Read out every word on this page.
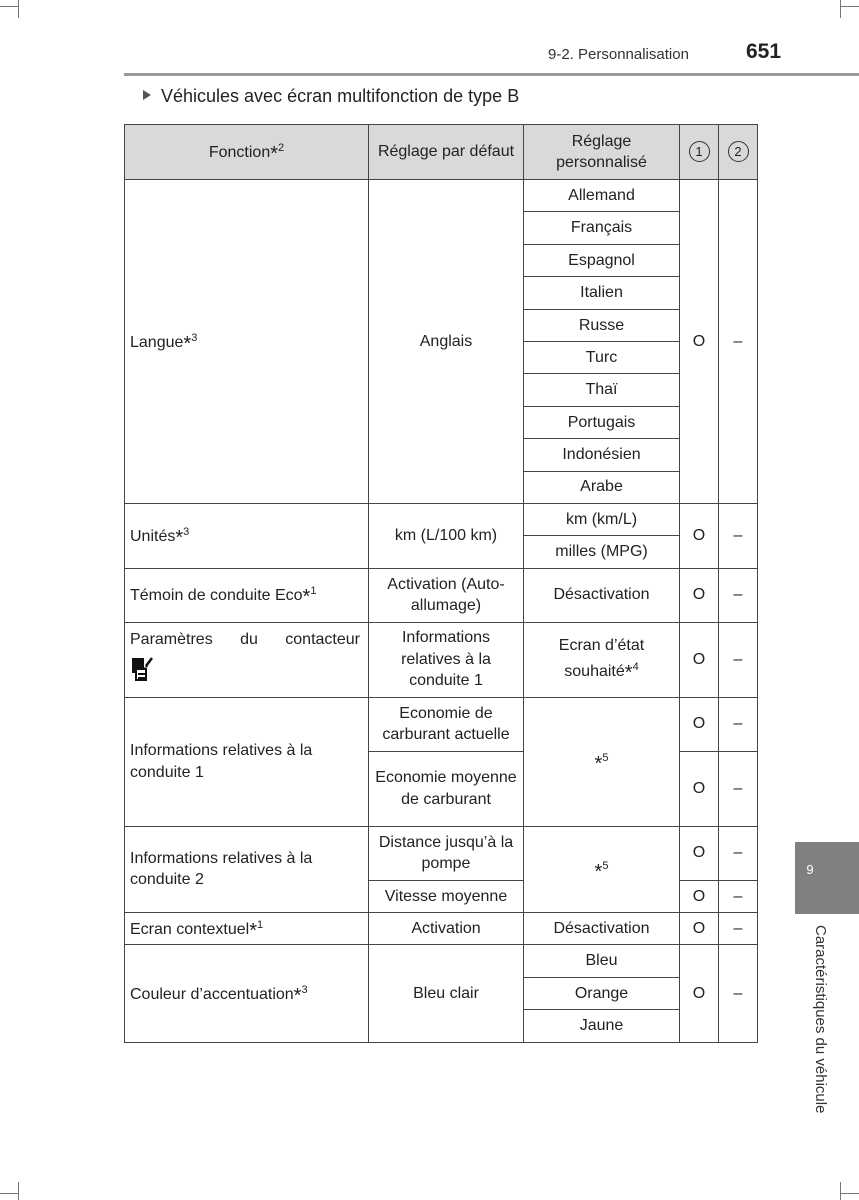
9-2. Personnalisation	651
Véhicules avec écran multifonction de type B
Fonction*$^2$	Réglage par défaut	Réglage personnalisé	1	2
Langue*$^3$	Anglais	Allemand	O	–
		Français		
		Espagnol		
		Italien		
		Russe		
		Turc		
		Thaï		
		Portugais		
		Indonésien		
		Arabe		
Unités*$^3$	km (L/100 km)	km (km/L)	O	–
		milles (MPG)		
Témoin de conduite Eco*$^1$	Activation (Auto-allumage)	Désactivation	O	–

Paramètres du contacteur	Informations relatives à la conduite 1	Ecran d’état souhaité*$^4$	O	–
Informations relatives à la conduite 1	Economie de carburant actuelle	*$^5$	O	–
	Economie moyenne de carburant		O	–
Informations relatives à la conduite 2	Distance jusqu’à la pompe	*$^5$	O	–
	Vitesse moyenne		O	–
Ecran contextuel*$^1$	Activation	Désactivation	O	–
Couleur d’accentuation*$^3$	Bleu clair	Bleu	O	–
		Orange		
		Jaune		
9
Caractéristiques du véhicule
